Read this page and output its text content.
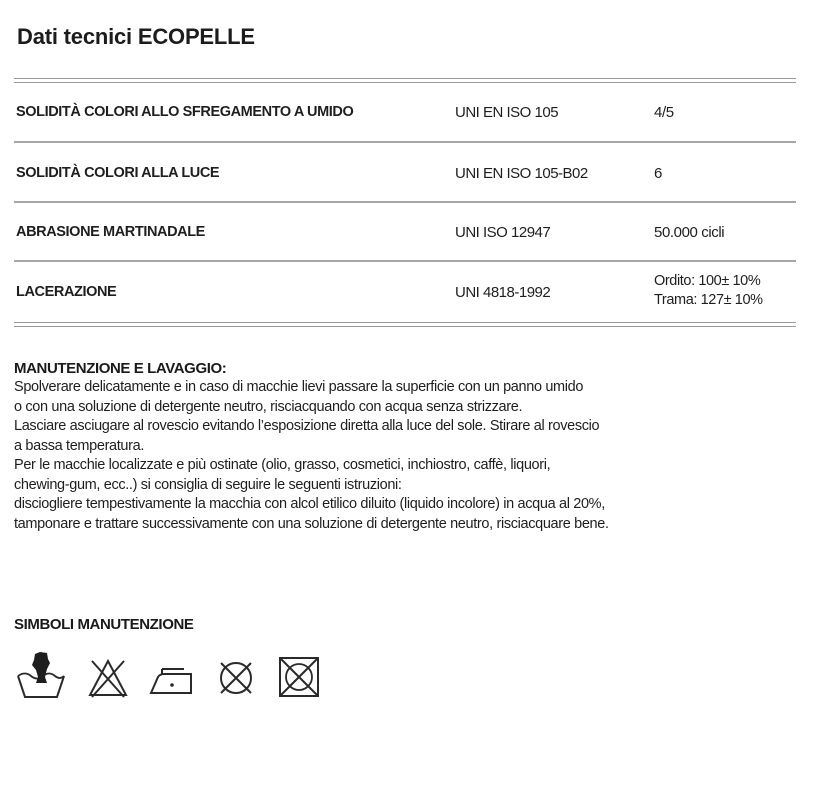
Dati tecnici ECOPELLE
SOLIDITÀ COLORI ALLO SFREGAMENTO A UMIDO	UNI EN ISO 105	4/5
SOLIDITÀ COLORI ALLA LUCE	UNI EN ISO 105-B02	6
ABRASIONE MARTINADALE	UNI ISO 12947	50.000 cicli
LACERAZIONE	UNI 4818-1992
Ordito: 100± 10%
Trama: 127± 10%
MANUTENZIONE E LAVAGGIO:
Spolverare delicatamente e in caso di macchie lievi passare la superficie con un panno umido
o con una soluzione di detergente neutro, risciacquando con acqua senza strizzare.
Lasciare asciugare al rovescio evitando l’esposizione diretta alla luce del sole. Stirare al rovescio
a bassa temperatura.
Per le macchie localizzate e più ostinate (olio, grasso, cosmetici, inchiostro, caffè, liquori,
chewing-gum, ecc..) si consiglia di seguire le seguenti istruzioni:
disciogliere tempestivamente la macchia con alcol etilico diluito (liquido incolore) in acqua al 20%,
tamponare e trattare successivamente con una soluzione di detergente neutro, risciacquare bene.
SIMBOLI MANUTENZIONE
